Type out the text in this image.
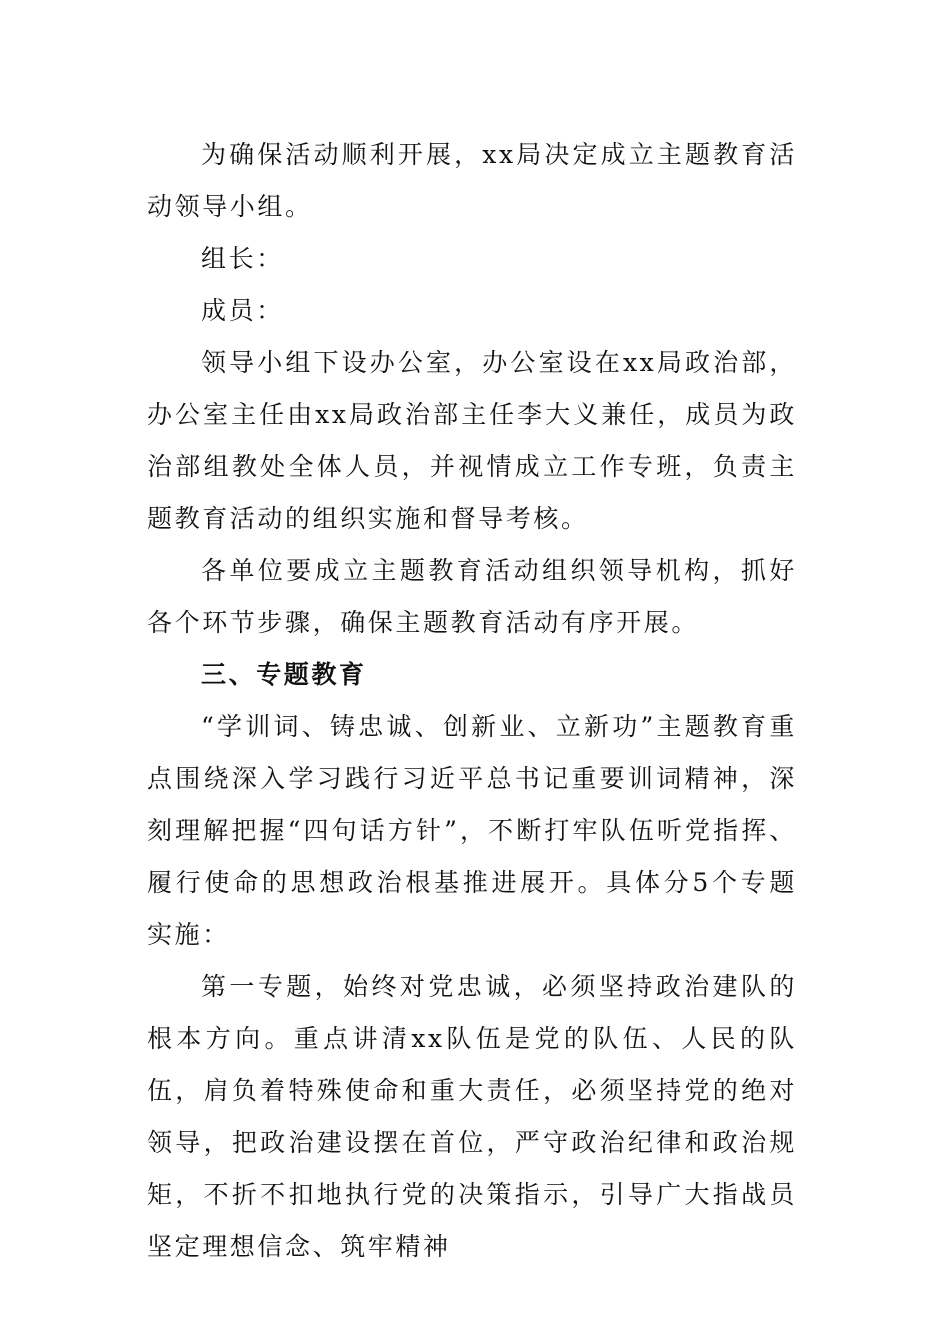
为确保活动顺利开展，xx局决定成立主题教育活动领导小组。

组长：

成员：

领导小组下设办公室，办公室设在xx局政治部，办公室主任由xx局政治部主任李大义兼任，成员为政治部组教处全体人员，并视情成立工作专班，负责主题教育活动的组织实施和督导考核。

各单位要成立主题教育活动组织领导机构，抓好各个环节步骤，确保主题教育活动有序开展。

三、专题教育

“学训词、铸忠诚、创新业、立新功”主题教育重点围绕深入学习践行习近平总书记重要训词精神，深刻理解把握“四句话方针”，不断打牢队伍听党指挥、履行使命的思想政治根基推进展开。具体分5个专题实施：

第一专题，始终对党忠诚，必须坚持政治建队的根本方向。重点讲清xx队伍是党的队伍、人民的队伍，肩负着特殊使命和重大责任，必须坚持党的绝对领导，把政治建设摆在首位，严守政治纪律和政治规矩，不折不扣地执行党的决策指示，引导广大指战员坚定理想信念、筑牢精神
